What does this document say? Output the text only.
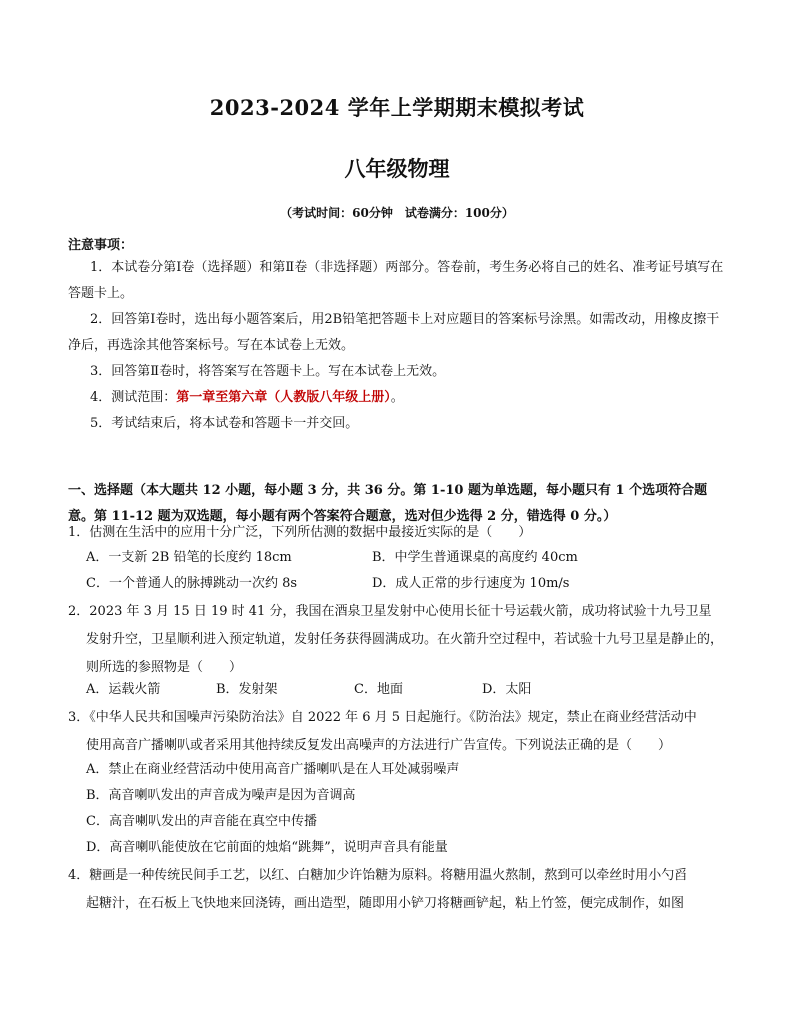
2023-2024 学年上学期期末模拟考试
八年级物理
（考试时间：60分钟　试卷满分：100分）
注意事项：
1．本试卷分第Ⅰ卷（选择题）和第Ⅱ卷（非选择题）两部分。答卷前，考生务必将自己的姓名、准考证号填写在答题卡上。
2．回答第Ⅰ卷时，选出每小题答案后，用2B铅笔把答题卡上对应题目的答案标号涂黑。如需改动，用橡皮擦干净后，再选涂其他答案标号。写在本试卷上无效。
3．回答第Ⅱ卷时，将答案写在答题卡上。写在本试卷上无效。
4．测试范围：第一章至第六章（人教版八年级上册）。
5．考试结束后，将本试卷和答题卡一并交回。
一、选择题（本大题共 12 小题，每小题 3 分，共 36 分。第 1-10 题为单选题，每小题只有 1 个选项符合题意。第 11-12 题为双选题，每小题有两个答案符合题意，选对但少选得 2 分，错选得 0 分。）
1．估测在生活中的应用十分广泛，下列所估测的数据中最接近实际的是（　　）
A．一支新 2B 铅笔的长度约 18cm	B．中学生普通课桌的高度约 40cm
C．一个普通人的脉搏跳动一次约 8s	D．成人正常的步行速度为 10m/s
2．2023 年 3 月 15 日 19 时 41 分，我国在酒泉卫星发射中心使用长征十号运载火箭，成功将试验十九号卫星
发射升空，卫星顺利进入预定轨道，发射任务获得圆满成功。在火箭升空过程中，若试验十九号卫星是静止的，则所选的参照物是（　　）
A．运载火箭	B．发射架	C．地面	D．太阳
3．《中华人民共和国噪声污染防治法》自 2022 年 6 月 5 日起施行。《防治法》规定，禁止在商业经营活动中
使用高音广播喇叭或者采用其他持续反复发出高噪声的方法进行广告宣传。下列说法正确的是（　　）
A．禁止在商业经营活动中使用高音广播喇叭是在人耳处减弱噪声
B．高音喇叭发出的声音成为噪声是因为音调高
C．高音喇叭发出的声音能在真空中传播
D．高音喇叭能使放在它前面的烛焰“跳舞”，说明声音具有能量
4．糖画是一种传统民间手工艺，以红、白糖加少许饴糖为原料。将糖用温火熬制，熬到可以牵丝时用小勺舀
起糖汁，在石板上飞快地来回浇铸，画出造型，随即用小铲刀将糖画铲起，粘上竹签，便完成制作，如图
